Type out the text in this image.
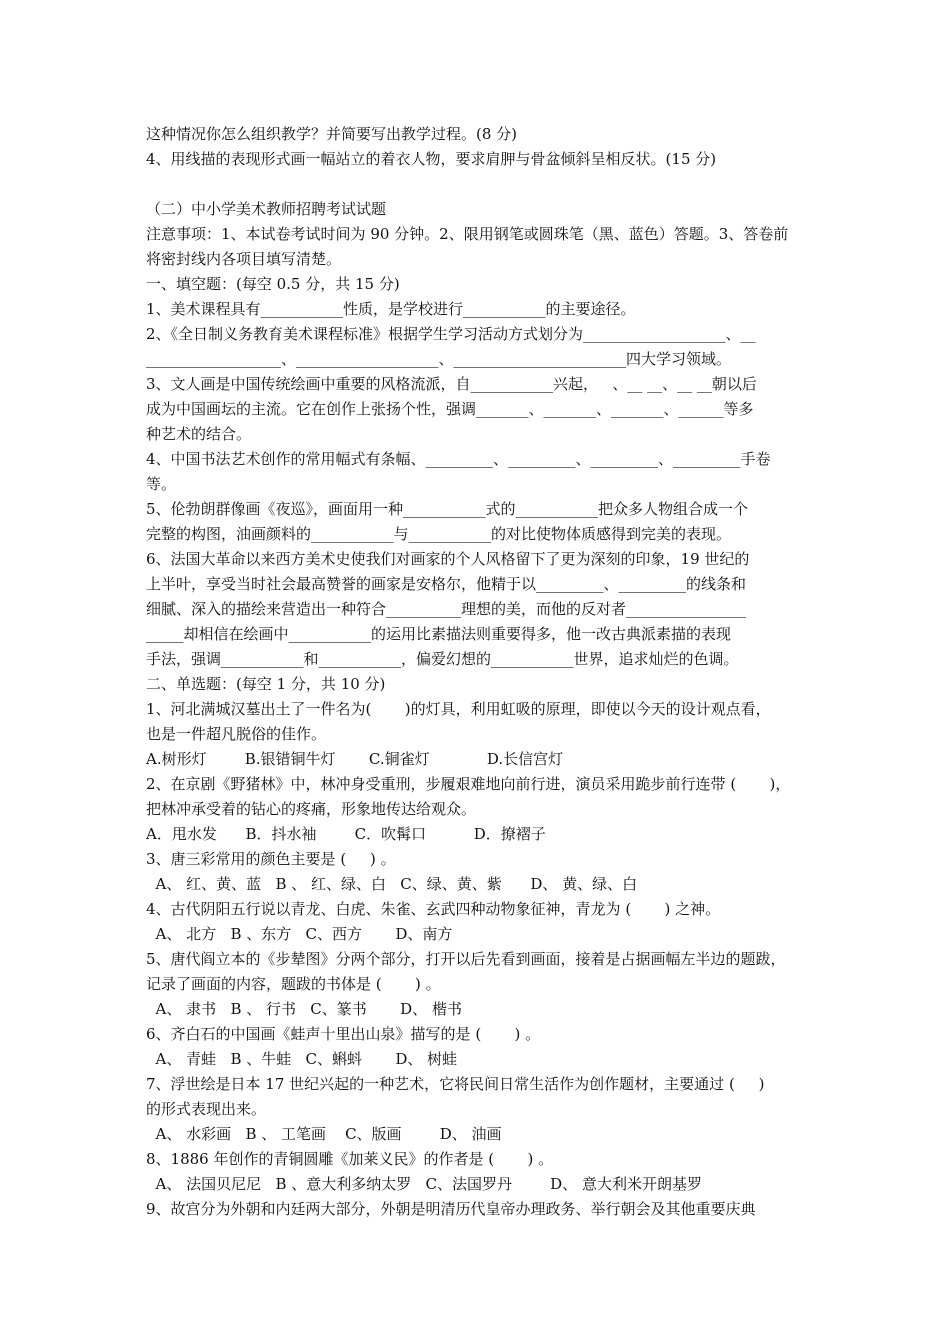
这种情况你怎么组织教学？并简要写出教学过程。(8 分)
4、用线描的表现形式画一幅站立的着衣人物，要求肩胛与骨盆倾斜呈相反状。(15 分)
（二）中小学美术教师招聘考试试题
注意事项：1、本试卷考试时间为 90 分钟。2、限用钢笔或圆珠笔（黑、蓝色）答题。3、答卷前
将密封线内各项目填写清楚。
一、填空题：(每空 0.5 分，共 15 分)
1、美术课程具有___________性质，是学校进行___________的主要途径。
2、《全日制义务教育美术课程标准》根据学生学习活动方式划分为___________________、__
__________________、___________________、_______________________四大学习领域。
3、文人画是中国传统绘画中重要的风格流派，自___________兴起，   、__ __、__ __朝以后
成为中国画坛的主流。它在创作上张扬个性，强调_______、_______、_______、______等多
种艺术的结合。
4、中国书法艺术创作的常用幅式有条幅、_________、_________、_________、_________手卷
等。
5、伦勃朗群像画《夜巡》，画面用一种___________式的___________把众多人物组合成一个
完整的构图，油画颜料的___________与___________的对比使物体质感得到完美的表现。
6、法国大革命以来西方美术史使我们对画家的个人风格留下了更为深刻的印象，19 世纪的
上半叶，享受当时社会最高赞誉的画家是安格尔，他精于以_________、_________的线条和
细腻、深入的描绘来营造出一种符合__________理想的美，而他的反对者________________
_____却相信在绘画中___________的运用比素描法则重要得多，他一改古典派素描的表现
手法，强调___________和___________，偏爱幻想的___________世界，追求灿烂的色调。
二、单选题：(每空 1 分，共 10 分)
1、河北满城汉墓出土了一件名为(       )的灯具，利用虹吸的原理，即使以今天的设计观点看，
也是一件超凡脱俗的佳作。
A.树形灯        B.银错铜牛灯       C.铜雀灯            D.长信宫灯
2、在京剧《野猪林》中，林冲身受重刑，步履艰难地向前行进，演员采用跪步前行连带 (       )，
把林冲承受着的钻心的疼痛，形象地传达给观众。
A．甩水发      B．抖水袖        C．吹髯口          D．撩褶子
3、唐三彩常用的颜色主要是 (     ) 。
A、 红、黄、蓝   B 、 红、绿、白   C、绿、黄、紫      D、 黄、绿、白
4、古代阴阳五行说以青龙、白虎、朱雀、玄武四种动物象征神，青龙为 (       ) 之神。
A、 北方   B 、东方   C、西方       D、南方
5、唐代阎立本的《步辇图》分两个部分，打开以后先看到画面，接着是占据画幅左半边的题跋，
记录了画面的内容，题跋的书体是 (       ) 。
A、 隶书   B 、 行书   C、篆书       D、 楷书
6、齐白石的中国画《蛙声十里出山泉》描写的是 (       ) 。
A、 青蛙   B 、牛蛙   C、蝌蚪       D、 树蛙
7、浮世绘是日本 17 世纪兴起的一种艺术，它将民间日常生活作为创作题材，主要通过 (     )
的形式表现出来。
A、 水彩画   B 、 工笔画    C、版画        D、 油画
8、1886 年创作的青铜圆雕《加莱义民》的作者是 (       ) 。
A、 法国贝尼尼   B 、意大利多纳太罗   C、法国罗丹        D、 意大利米开朗基罗
9、故宫分为外朝和内廷两大部分，外朝是明清历代皇帝办理政务、举行朝会及其他重要庆典
